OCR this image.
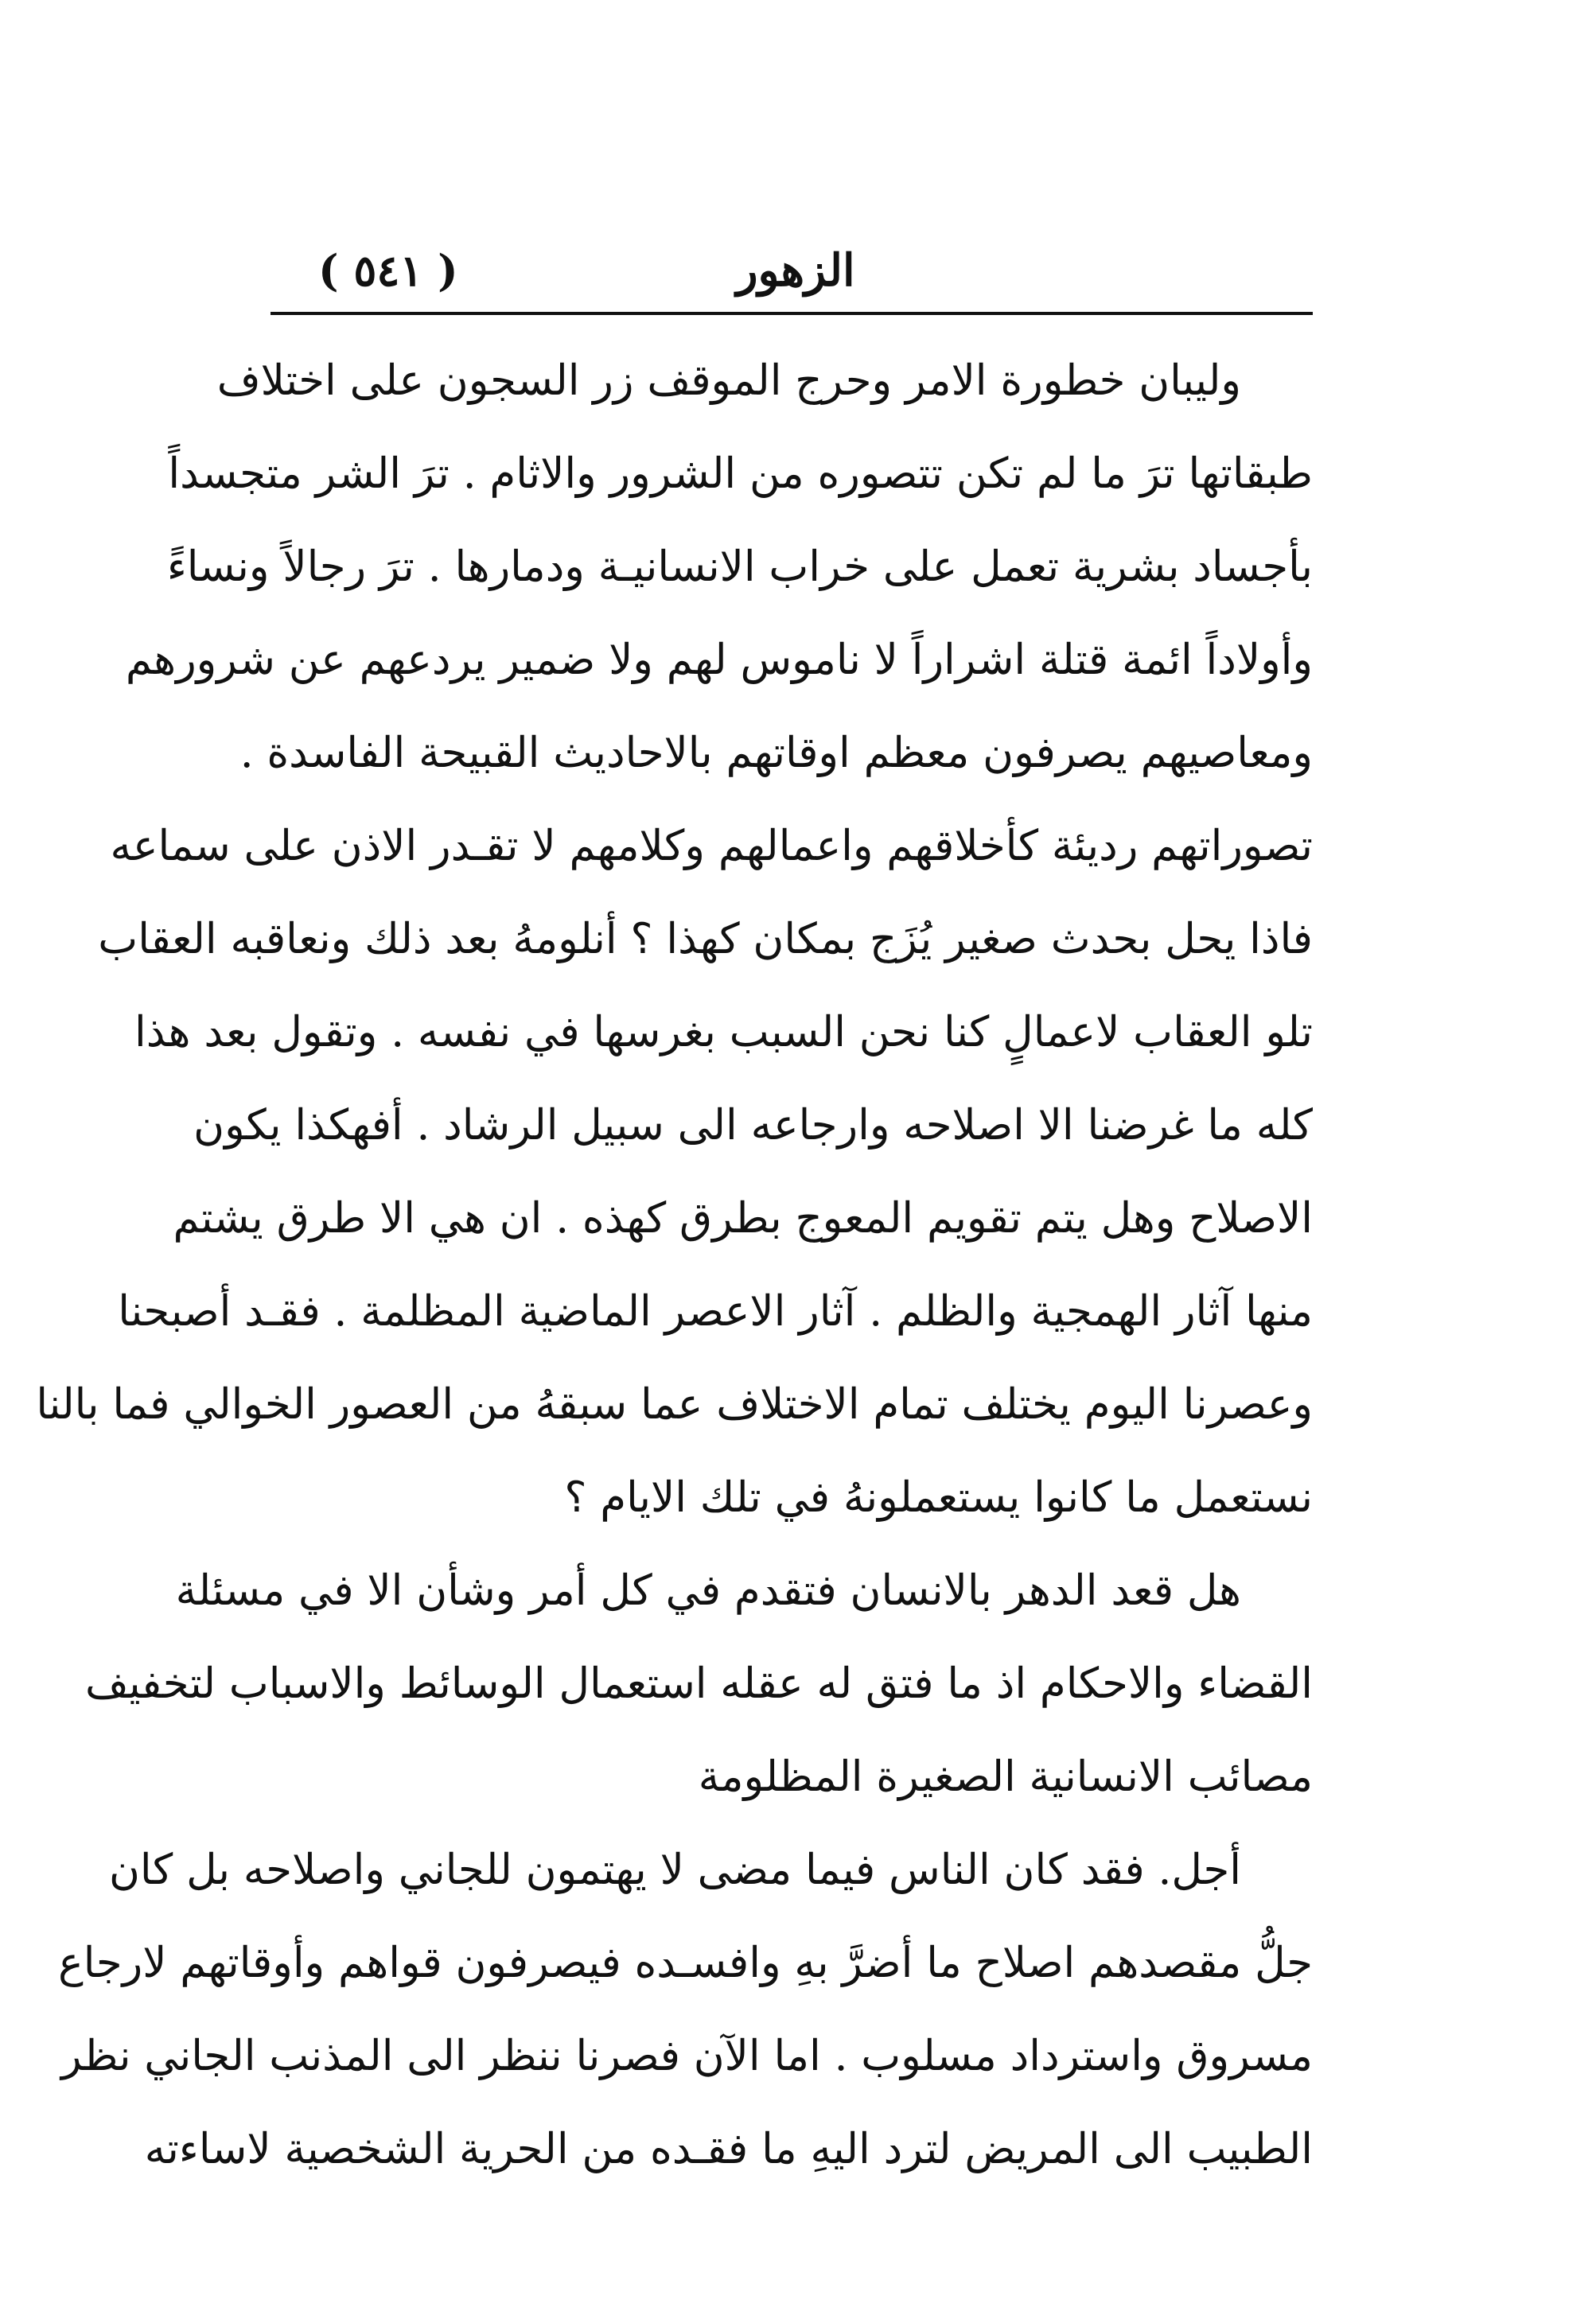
( ٥٤١ )	الزهور
وليبان خطورة الامر وحرج الموقف زر السجون على اختلاف
طبقاتها ترَ ما لم تكن تتصوره من الشرور والاثام . ترَ الشر متجسداً
بأجساد بشرية تعمل على خراب الانسانيـة ودمارها . ترَ رجالاً ونساءً
وأولاداً ائمة قتلة اشراراً لا ناموس لهم ولا ضمير يردعهم عن شرورهم
ومعاصيهم يصرفون معظم اوقاتهم بالاحاديث القبيحة الفاسدة .
تصوراتهم رديئة كأخلاقهم واعمالهم وكلامهم لا تقـدر الاذن على سماعه
فاذا يحل بحدث صغير يُزَج بمكان كهذا ؟ أنلومهُ بعد ذلك ونعاقبه العقاب
تلو العقاب لاعمالٍ كنا نحن السبب بغرسها في نفسه . وتقول بعد هذا
كله ما غرضنا الا اصلاحه وارجاعه الى سبيل الرشاد . أفهكذا يكون
الاصلاح وهل يتم تقويم المعوج بطرق كهذه . ان هي الا طرق يشتم
منها آثار الهمجية والظلم . آثار الاعصر الماضية المظلمة . فقـد أصبحنا
وعصرنا اليوم يختلف تمام الاختلاف عما سبقهُ من العصور الخوالي فما بالنا
نستعمل ما كانوا يستعملونهُ في تلك الايام ؟
هل قعد الدهر بالانسان فتقدم في كل أمر وشأن الا في مسئلة
القضاء والاحكام اذ ما فتق له عقله استعمال الوسائط والاسباب لتخفيف
مصائب الانسانية الصغيرة المظلومة
أجل. فقد كان الناس فيما مضى لا يهتمون للجاني واصلاحه بل كان
جلُّ مقصدهم اصلاح ما أضرَّ بهِ وافسـده فيصرفون قواهم وأوقاتهم لارجاع
مسروق واسترداد مسلوب . اما الآن فصرنا ننظر الى المذنب الجاني نظر
الطبيب الى المريض لترد اليهِ ما فقـده من الحرية الشخصية لاساءته
